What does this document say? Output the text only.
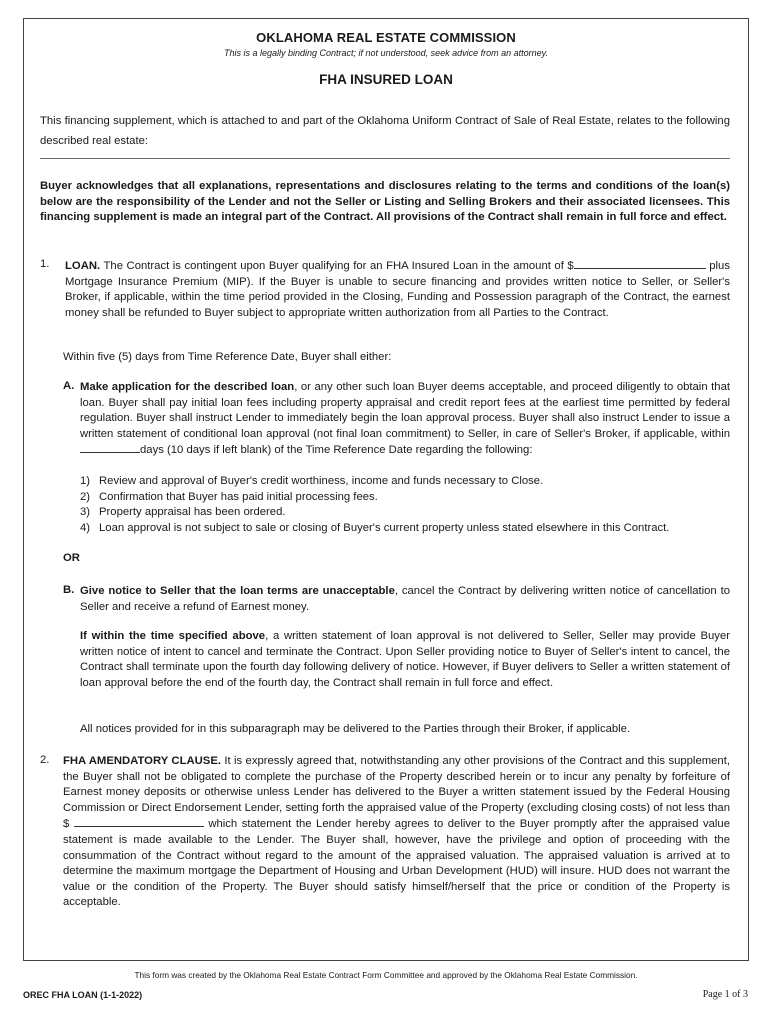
OKLAHOMA REAL ESTATE COMMISSION
This is a legally binding Contract; if not understood, seek advice from an attorney.
FHA INSURED LOAN
This financing supplement, which is attached to and part of the Oklahoma Uniform Contract of Sale of Real Estate, relates to the following described real estate:
Buyer acknowledges that all explanations, representations and disclosures relating to the terms and conditions of the loan(s) below are the responsibility of the Lender and not the Seller or Listing and Selling Brokers and their associated licensees. This financing supplement is made an integral part of the Contract. All provisions of the Contract shall remain in full force and effect.
1. LOAN. The Contract is contingent upon Buyer qualifying for an FHA Insured Loan in the amount of $	plus Mortgage Insurance Premium (MIP). If the Buyer is unable to secure financing and provides written notice to Seller, or Seller's Broker, if applicable, within the time period provided in the Closing, Funding and Possession paragraph of the Contract, the earnest money shall be refunded to Buyer subject to appropriate written authorization from all Parties to the Contract.
Within five (5) days from Time Reference Date, Buyer shall either:
A. Make application for the described loan, or any other such loan Buyer deems acceptable, and proceed diligently to obtain that loan. Buyer shall pay initial loan fees including property appraisal and credit report fees at the earliest time permitted by federal regulation. Buyer shall instruct Lender to immediately begin the loan approval process. Buyer shall also instruct Lender to issue a written statement of conditional loan approval (not final loan commitment) to Seller, in care of Seller's Broker, if applicable, within days (10 days if left blank) of the Time Reference Date regarding the following:
1) Review and approval of Buyer's credit worthiness, income and funds necessary to Close.
2) Confirmation that Buyer has paid initial processing fees.
3) Property appraisal has been ordered.
4) Loan approval is not subject to sale or closing of Buyer's current property unless stated elsewhere in this Contract.
OR
B. Give notice to Seller that the loan terms are unacceptable, cancel the Contract by delivering written notice of cancellation to Seller and receive a refund of Earnest money.
If within the time specified above, a written statement of loan approval is not delivered to Seller, Seller may provide Buyer written notice of intent to cancel and terminate the Contract. Upon Seller providing notice to Buyer of Seller's intent to cancel, the Contract shall terminate upon the fourth day following delivery of notice. However, if Buyer delivers to Seller a written statement of loan approval before the end of the fourth day, the Contract shall remain in full force and effect.
All notices provided for in this subparagraph may be delivered to the Parties through their Broker, if applicable.
2. FHA AMENDATORY CLAUSE. It is expressly agreed that, notwithstanding any other provisions of the Contract and this supplement, the Buyer shall not be obligated to complete the purchase of the Property described herein or to incur any penalty by forfeiture of Earnest money deposits or otherwise unless Lender has delivered to the Buyer a written statement issued by the Federal Housing Commission or Direct Endorsement Lender, setting forth the appraised value of the Property (excluding closing costs) of not less than $	which statement the Lender hereby agrees to deliver to the Buyer promptly after the appraised value statement is made available to the Lender. The Buyer shall, however, have the privilege and option of proceeding with the consummation of the Contract without regard to the amount of the appraised valuation. The appraised valuation is arrived at to determine the maximum mortgage the Department of Housing and Urban Development (HUD) will insure. HUD does not warrant the value or the condition of the Property. The Buyer should satisfy himself/herself that the price or condition of the Property is acceptable.
This form was created by the Oklahoma Real Estate Contract Form Committee and approved by the Oklahoma Real Estate Commission.
OREC FHA LOAN (1-1-2022)	Page 1 of 3
